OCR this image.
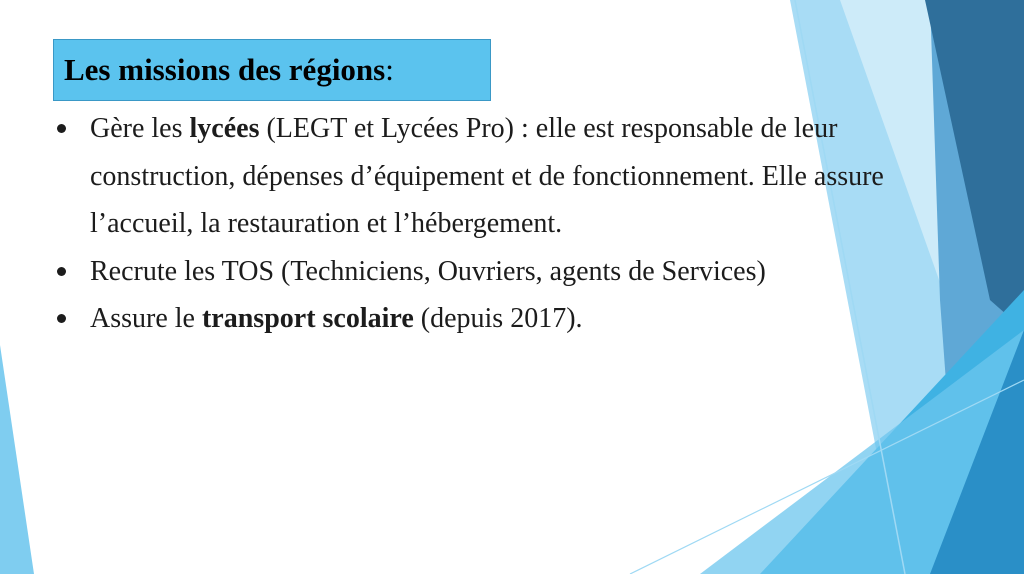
Les missions des régions :
Gère les lycées (LEGT et Lycées Pro) : elle est responsable de leur construction, dépenses d’équipement et de fonctionnement. Elle assure l’accueil, la restauration et l’hébergement.
Recrute les TOS (Techniciens, Ouvriers, agents de Services)
Assure le transport scolaire (depuis 2017).
